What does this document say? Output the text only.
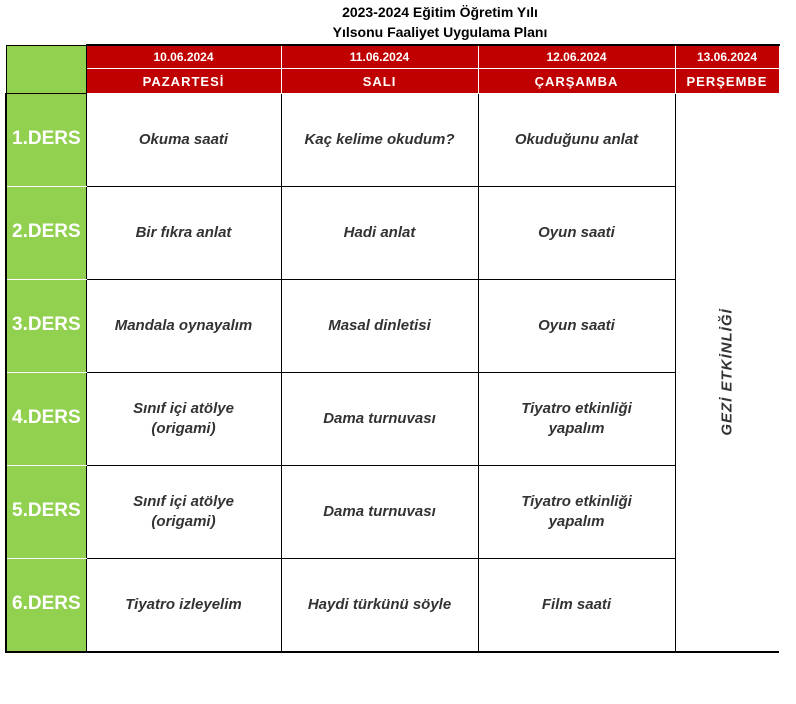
2023-2024 Eğitim Öğretim Yılı
Yılsonu Faaliyet Uygulama Planı
	10.06.2024	11.06.2024	12.06.2024	13.06.2024
	PAZARTESİ	SALI	ÇARŞAMBA	PERŞEMBE
1.DERS	Okuma saati	Kaç kelime okudum?	Okuduğunu anlat	GEZİ ETKİNLİĞİ

2.DERS	Bir fıkra anlat	Hadi anlat	Oyun saati	
3.DERS	Mandala oynayalım	Masal dinletisi	Oyun saati	
4.DERS	Sınıf içi atölye (origami)	Dama turnuvası	Tiyatro etkinliği yapalım	
5.DERS	Sınıf içi atölye (origami)	Dama turnuvası	Tiyatro etkinliği yapalım	
6.DERS	Tiyatro izleyelim	Haydi türkünü söyle	Film saati	
